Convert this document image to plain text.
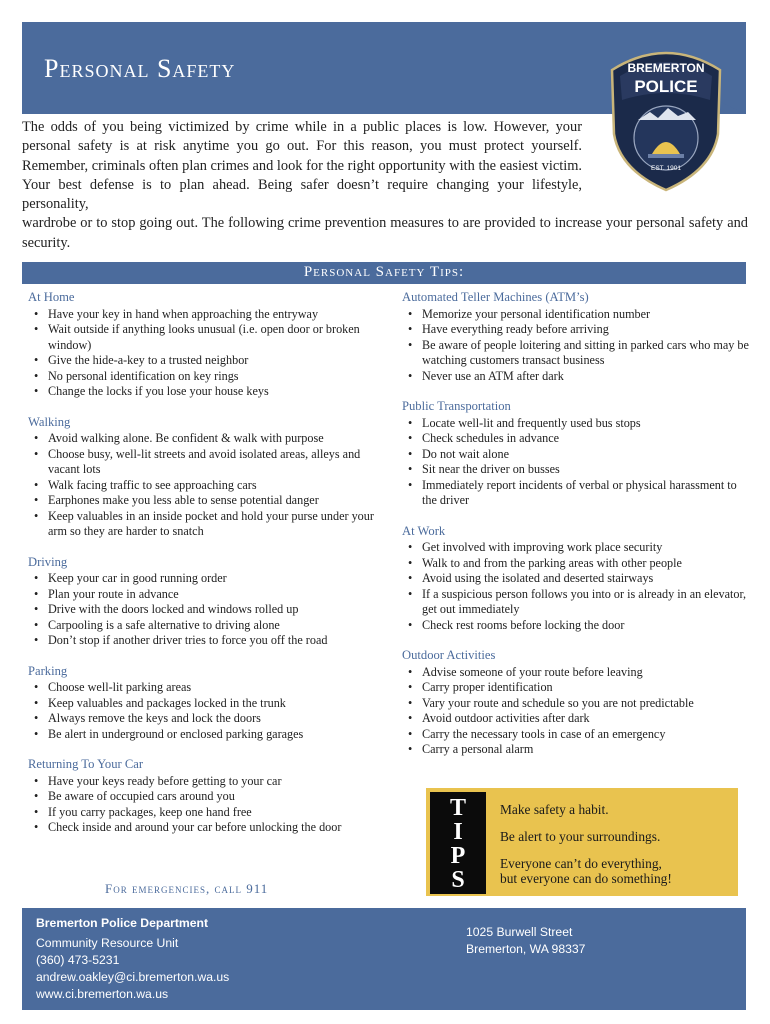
Personal Safety	BREMERTON
POLICE
EST. 1901
The odds of you being victimized by crime while in a public places is low. However, your personal safety is at risk anytime you go out. For this reason, you must protect yourself. Remember, criminals often plan crimes and look for the right opportunity with the easiest victim. Your best defense is to plan ahead. Being safer doesn’t require changing your lifestyle, personality,
wardrobe or to stop going out. The following crime prevention measures to are provided to increase your personal safety and security.
Personal Safety Tips:
At Home
• Have your key in hand when approaching the entryway
• Wait outside if anything looks unusual (i.e. open door or broken window)
• Give the hide-a-key to a trusted neighbor
• No personal identification on key rings
• Change the locks if you lose your house keys
Walking
• Avoid walking alone. Be confident & walk with purpose
• Choose busy, well-lit streets and avoid isolated areas, alleys and vacant lots
• Walk facing traffic to see approaching cars
• Earphones make you less able to sense potential danger
• Keep valuables in an inside pocket and hold your purse under your arm so they are harder to snatch
Driving
• Keep your car in good running order
• Plan your route in advance
• Drive with the doors locked and windows rolled up
• Carpooling is a safe alternative to driving alone
• Don’t stop if another driver tries to force you off the road
Parking
• Choose well-lit parking areas
• Keep valuables and packages locked in the trunk
• Always remove the keys and lock the doors
• Be alert in underground or enclosed parking garages
Returning To Your Car
• Have your keys ready before getting to your car
• Be aware of occupied cars around you
• If you carry packages, keep one hand free
• Check inside and around your car before unlocking the door
Automated Teller Machines (ATM’s)
• Memorize your personal identification number
• Have everything ready before arriving
• Be aware of people loitering and sitting in parked cars who may be watching customers transact business
• Never use an ATM after dark
Public Transportation
• Locate well-lit and frequently used bus stops
• Check schedules in advance
• Do not wait alone
• Sit near the driver on busses
• Immediately report incidents of verbal or physical harassment to the driver
At Work
• Get involved with improving work place security
• Walk to and from the parking areas with other people
• Avoid using the isolated and deserted stairways
• If a suspicious person follows you into or is already in an elevator, get out immediately
• Check rest rooms before locking the door
Outdoor Activities
• Advise someone of your route before leaving
• Carry proper identification
• Vary your route and schedule so you are not predictable
• Avoid outdoor activities after dark
• Carry the necessary tools in case of an emergency
• Carry a personal alarm
For emergencies, call 911
T
I
P
S
Make safety a habit.
Be alert to your surroundings.
Everyone can’t do everything,
but everyone can do something!
Bremerton Police Department
Community Resource Unit
(360) 473-5231
andrew.oakley@ci.bremerton.wa.us
www.ci.bremerton.wa.us
1025 Burwell Street
Bremerton, WA 98337
